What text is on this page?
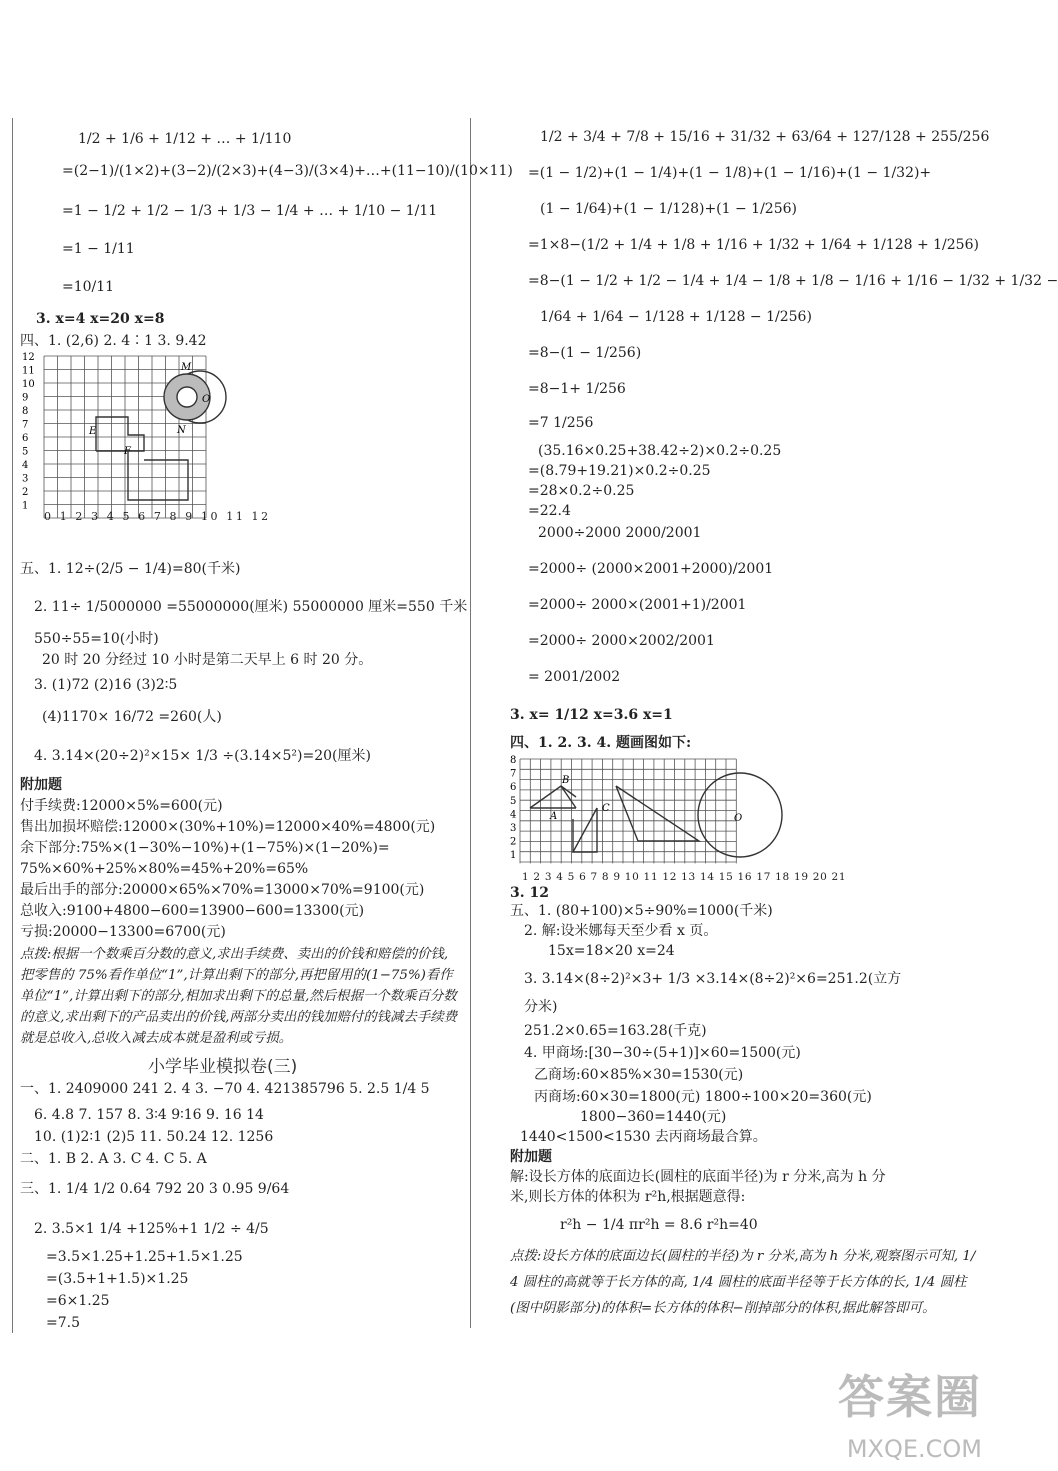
1/2 + 1/6 + 1/12 + … + 1/110
=(2−1)/(1×2)+(3−2)/(2×3)+(4−3)/(3×4)+…+(11−10)/(10×11)
=1 − 1/2 + 1/2 − 1/3 + 1/3 − 1/4 + … + 1/10 − 1/11
=1 − 1/11
=10/11
3. x=4 x=20 x=8
四、1. (2,6) 2. 4∶1 3. 9.42
12
11
10
9
8
7
6
5
4
3
2
1
M
O
E	N
F
0 1 2 3 4 5 6 7 8 9 10 11 12
五、1. 12÷(2/5 − 1/4)=80(千米)
2. 11÷ 1/5000000 =55000000(厘米) 55000000 厘米=550 千米
550÷55=10(小时)
20 时 20 分经过 10 小时是第二天早上 6 时 20 分。
3. (1)72 (2)16 (3)2∶5
(4)1170× 16/72 =260(人)
4. 3.14×(20÷2)²×15× 1/3 ÷(3.14×5²)=20(厘米)
附加题
付手续费:12000×5%=600(元)
售出加损坏赔偿:12000×(30%+10%)=12000×40%=4800(元)
余下部分:75%×(1−30%−10%)+(1−75%)×(1−20%)=
75%×60%+25%×80%=45%+20%=65%
最后出手的部分:20000×65%×70%=13000×70%=9100(元)
总收入:9100+4800−600=13900−600=13300(元)
亏损:20000−13300=6700(元)
点拨:根据一个数乘百分数的意义,求出手续费、卖出的价钱和赔偿的价钱,把零售的 75%看作单位“1”,计算出剩下的部分,再把留用的(1−75%)看作单位“1”,计算出剩下的部分,相加求出剩下的总量,然后根据一个数乘百分数的意义,求出剩下的产品卖出的价钱,两部分卖出的钱加赔付的钱减去手续费就是总收入,总收入减去成本就是盈利或亏损。
小学毕业模拟卷(三)
一、1. 2409000 241 2. 4 3. −70 4. 421385796 5. 2.5 1/4 5
6. 4.8 7. 157 8. 3∶4 9∶16 9. 16 14
10. (1)2∶1 (2)5 11. 50.24 12. 1256
二、1. B 2. A 3. C 4. C 5. A
三、1. 1/4 1/2 0.64 792 20 3 0.95 9/64
2. 3.5×1 1/4 +125%+1 1/2 ÷ 4/5
=3.5×1.25+1.25+1.5×1.25
=(3.5+1+1.5)×1.25
=6×1.25
=7.5
1/2 + 3/4 + 7/8 + 15/16 + 31/32 + 63/64 + 127/128 + 255/256
=(1 − 1/2)+(1 − 1/4)+(1 − 1/8)+(1 − 1/16)+(1 − 1/32)+
(1 − 1/64)+(1 − 1/128)+(1 − 1/256)
=1×8−(1/2 + 1/4 + 1/8 + 1/16 + 1/32 + 1/64 + 1/128 + 1/256)
=8−(1 − 1/2 + 1/2 − 1/4 + 1/4 − 1/8 + 1/8 − 1/16 + 1/16 − 1/32 + 1/32 −
1/64 + 1/64 − 1/128 + 1/128 − 1/256)
=8−(1 − 1/256)
=8−1+ 1/256
=7 1/256
(35.16×0.25+38.42÷2)×0.2÷0.25
=(8.79+19.21)×0.2÷0.25
=28×0.2÷0.25
=22.4
2000÷2000 2000/2001
=2000÷ (2000×2001+2000)/2001
=2000÷ 2000×(2001+1)/2001
=2000÷ 2000×2002/2001
= 2001/2002
3. x= 1/12 x=3.6 x=1
四、1. 2. 3. 4. 题画图如下:
8
7
6
5
4
3
2
1
B
A
C
O
1 2 3 4 5 6 7 8 9 10 11 12 13 14 15 16 17 18 19 20 21
3. 12
五、1. (80+100)×5÷90%=1000(千米)
2. 解:设米娜每天至少看 x 页。
15x=18×20 x=24
3. 3.14×(8÷2)²×3+ 1/3 ×3.14×(8÷2)²×6=251.2(立方
分米)
251.2×0.65=163.28(千克)
4. 甲商场:[30−30÷(5+1)]×60=1500(元)
乙商场:60×85%×30=1530(元)
丙商场:60×30=1800(元) 1800÷100×20=360(元)
1800−360=1440(元)
1440<1500<1530 去丙商场最合算。
附加题
解:设长方体的底面边长(圆柱的底面半径)为 r 分米,高为 h 分
米,则长方体的体积为 r²h,根据题意得:
r²h − 1/4 πr²h = 8.6 r²h=40
点拨:设长方体的底面边长(圆柱的半径)为 r 分米,高为 h 分米,观察图示可知, 1/4 圆柱的高就等于长方体的高, 1/4 圆柱的底面半径等于长方体的长, 1/4 圆柱(图中阴影部分)的体积=长方体的体积−削掉部分的体积,据此解答即可。
答案圈
MXQE.COM
